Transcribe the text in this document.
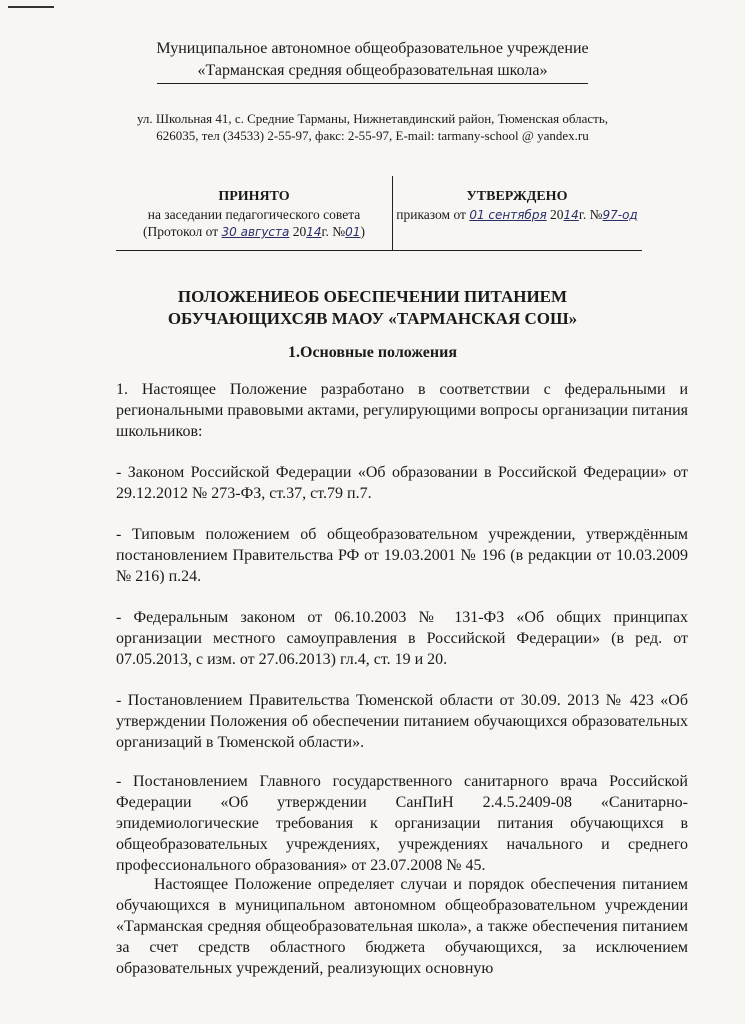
Муниципальное автономное общеобразовательное учреждение
«Тарманская средняя общеобразовательная школа»
ул. Школьная 41, с. Средние Тарманы, Нижнетавдинский район, Тюменская область,
626035, тел (34533) 2-55-97, факс: 2-55-97, E-mail: tarmany-school @ yandex.ru
ПРИНЯТО
на заседании педагогического совета
(Протокол от 30 августа 2014г. №01)
УТВЕРЖДЕНО
приказом от 01 сентября 2014г. №97-од
ПОЛОЖЕНИЕОБ ОБЕСПЕЧЕНИИ ПИТАНИЕМ
ОБУЧАЮЩИХСЯВ МАОУ «ТАРМАНСКАЯ СОШ»
1.Основные положения

1. Настоящее Положение разработано в соответствии с федеральными и региональными правовыми актами, регулирующими вопросы организации питания школьников:

- Законом Российской Федерации «Об образовании в Российской Федерации» от 29.12.2012 № 273-ФЗ, ст.37, ст.79 п.7.

- Типовым положением об общеобразовательном учреждении, утверждённым постановлением Правительства РФ от 19.03.2001 № 196 (в редакции от 10.03.2009 № 216) п.24.

- Федеральным законом от 06.10.2003 № 131-ФЗ «Об общих принципах организации местного самоуправления в Российской Федерации» (в ред. от 07.05.2013, с изм. от 27.06.2013) гл.4, ст. 19 и 20.

- Постановлением Правительства Тюменской области от 30.09. 2013 № 423 «Об утверждении Положения об обеспечении питанием обучающихся образовательных организаций в Тюменской области».

- Постановлением Главного государственного санитарного врача Российской Федерации «Об утверждении СанПиН 2.4.5.2409-08 «Санитарно-эпидемиологические требования к организации питания обучающихся в общеобразовательных учреждениях, учреждениях начального и среднего профессионального образования» от 23.07.2008 № 45.

Настоящее Положение определяет случаи и порядок обеспечения питанием обучающихся в муниципальном автономном общеобразовательном учреждении «Тарманская средняя общеобразовательная школа», а также обеспечения питанием за счет средств областного бюджета обучающихся, за исключением образовательных учреждений, реализующих основную
